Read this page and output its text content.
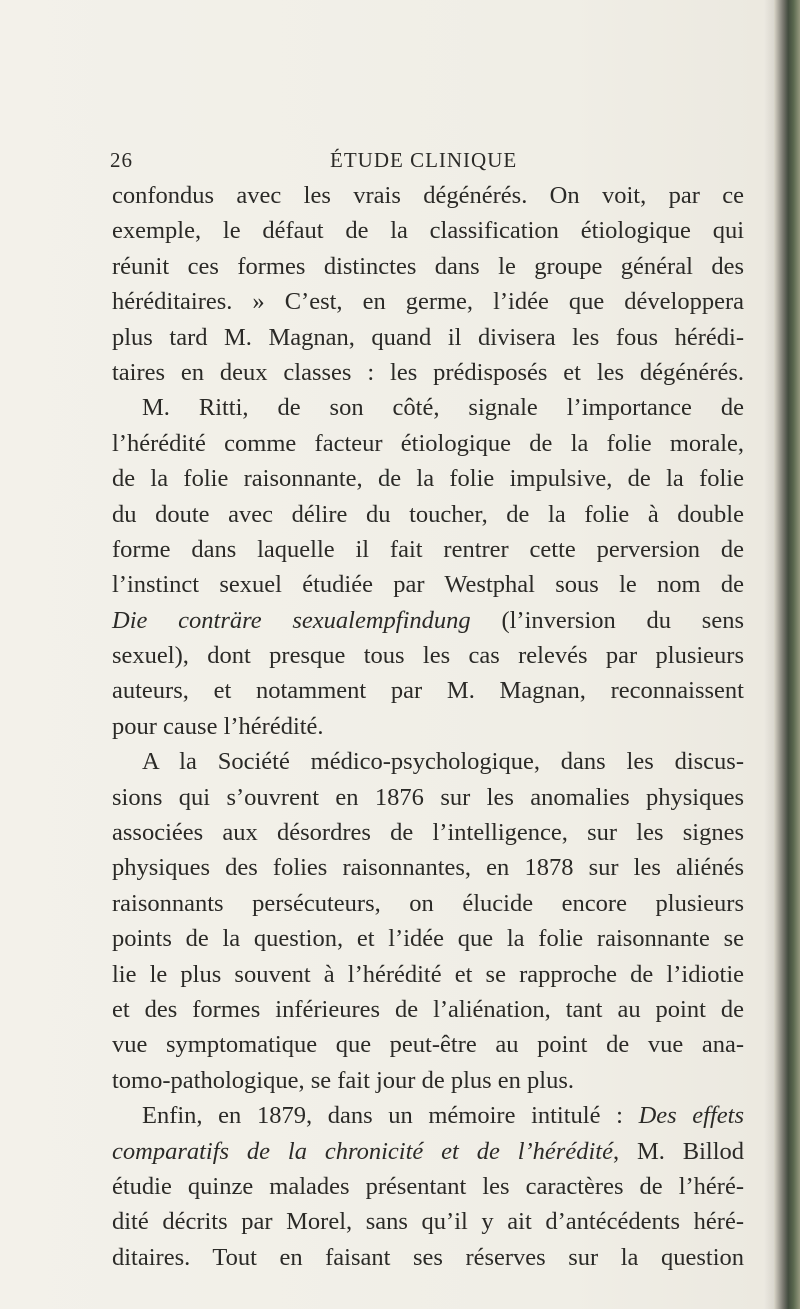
26	ÉTUDE CLINIQUE
confondus avec les vrais dégénérés. On voit, par ce
exemple, le défaut de la classification étiologique qui
réunit ces formes distinctes dans le groupe général des
héréditaires. » C’est, en germe, l’idée que développera
plus tard M. Magnan, quand il divisera les fous hérédi-
taires en deux classes : les prédisposés et les dégénérés.
M. Ritti, de son côté, signale l’importance de
l’hérédité comme facteur étiologique de la folie morale,
de la folie raisonnante, de la folie impulsive, de la folie
du doute avec délire du toucher, de la folie à double
forme dans laquelle il fait rentrer cette perversion de
l’instinct sexuel étudiée par Westphal sous le nom de
Die conträre sexualempfindung (l’inversion du sens
sexuel), dont presque tous les cas relevés par plusieurs
auteurs, et notamment par M. Magnan, reconnaissent
pour cause l’hérédité.
A la Société médico-psychologique, dans les discus-
sions qui s’ouvrent en 1876 sur les anomalies physiques
associées aux désordres de l’intelligence, sur les signes
physiques des folies raisonnantes, en 1878 sur les aliénés
raisonnants persécuteurs, on élucide encore plusieurs
points de la question, et l’idée que la folie raisonnante se
lie le plus souvent à l’hérédité et se rapproche de l’idiotie
et des formes inférieures de l’aliénation, tant au point de
vue symptomatique que peut-être au point de vue ana-
tomo-pathologique, se fait jour de plus en plus.
Enfin, en 1879, dans un mémoire intitulé : Des effets
comparatifs de la chronicité et de l’hérédité, M. Billod
étudie quinze malades présentant les caractères de l’héré-
dité décrits par Morel, sans qu’il y ait d’antécédents héré-
ditaires. Tout en faisant ses réserves sur la question
